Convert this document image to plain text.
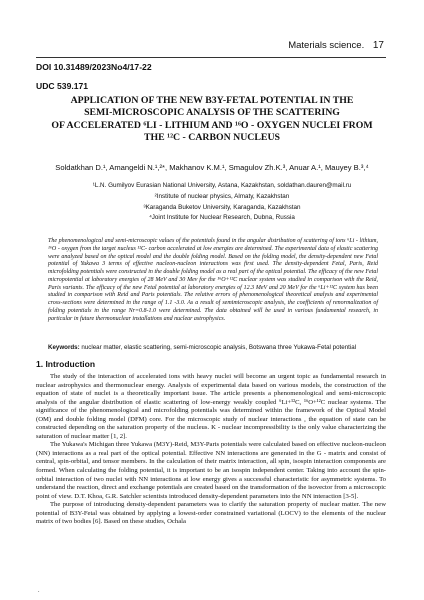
Materials science. 17
DOI 10.31489/2023No4/17-22
UDC 539.171
APPLICATION OF THE NEW B3Y-FETAL POTENTIAL IN THE
SEMI-MICROSCOPIC ANALYSIS OF THE SCATTERING
OF ACCELERATED ⁶LI - LITHIUM AND ¹⁶O - OXYGEN NUCLEI FROM
THE ¹²C - CARBON NUCLEUS
Soldatkhan D.¹, Amangeldi N.¹,²*, Makhanov K.M.¹, Smagulov Zh.K.³, Anuar A.¹, Mauyey B.³,⁴
¹L.N. Gumilyov Eurasian National University, Astana, Kazakhstan, soldathan.dauren@mail.ru
²Institute of nuclear physics, Almaty, Kazakhstan
³Karaganda Buketov University, Karaganda, Kazakhstan
⁴Joint Institute for Nuclear Research, Dubna, Russia
The phenomenological and semi-microscopic values of the potentials found in the angular distribution of scattering of ions ⁶Li - lithium, ¹⁶O - oxygen from the target nucleus ¹²C- carbon accelerated at low energies are determined. The experimental data of elastic scattering were analyzed based on the optical model and the double folding model. Based on the folding model, the density-dependent new Fetal potential of Yukawa 3 terms of effective nucleon-nucleon interactions was first used. The density-dependent Fetal, Paris, Reid microfolding potentials were constructed in the double folding model as a real part of the optical potential. The efficacy of the new Fetal micropotential at laboratory energies of 28 MeV and 30 Mev for the ¹⁶O+¹²C nuclear system was studied in comparison with the Reid, Paris variants. The efficacy of the new Fetal potential at laboratory energies of 12.3 MeV and 20 MeV for the ⁶Li+¹²C system has been studied in comparison with Reid and Paris potentials. The relative errors of phenomenological theoretical analysis and experimental cross-sections were determined in the range of 1.1 -3.0. As a result of semimicroscopic analysis, the coefficients of renormalization of folding potentials in the range Nr=0.8-1.0 were determined. The data obtained will be used in various fundamental research, in particular in future thermonuclear installations and nuclear astrophysics.
Keywords: nuclear matter, elastic scattering, semi-microscopic analysis, Botswana three Yukawa-Fetal potential
1. Introduction

The study of the interaction of accelerated ions with heavy nuclei will become an urgent topic as fundamental research in nuclear astrophysics and thermonuclear energy. Analysis of experimental data based on various models, the construction of the equation of state of nuclei is a theoretically important issue. The article presents a phenomenological and semi-microscopic analysis of the angular distribution of elastic scattering of low-energy weakly coupled ⁶Li+¹²C, ¹⁶O+¹²C nuclear systems. The significance of the phenomenological and microfolding potentials was determined within the framework of the Optical Model (OM) and double folding model (DFM) core. For the microscopic study of nuclear interactions , the equation of state can be constructed depending on the saturation property of the nucleus. K - nuclear incompressibility is the only value characterizing the saturation of nuclear matter [1, 2].

The Yukawa's Michigan three Yukawa (M3Y)-Reid, M3Y-Paris potentials were calculated based on effective nucleon-nucleon (NN) interactions as a real part of the optical potential. Effective NN interactions are generated in the G - matrix and consist of central, spin-orbital, and tensor members. In the calculation of their matrix interaction, all spin, isospin interaction components are formed. When calculating the folding potential, it is important to be an isospin independent center. Taking into account the spin-orbital interaction of two nuclei with NN interactions at low energy gives a successful characteristic for asymmetric systems. To understand the reaction, direct and exchange potentials are created based on the transformation of the isovector from a microscopic point of view. D.T. Khoa, G.R. Satchler scientists introduced density-dependent parameters into the NN interaction [3-5].

The purpose of introducing density-dependent parameters was to clarify the saturation property of nuclear matter. The new potential of B3Y-Fetal was obtained by applying a lowest-order constrained variational (LOCV) to the elements of the nuclear matrix of two bodies [6]. Based on these studies, Ochala

.
